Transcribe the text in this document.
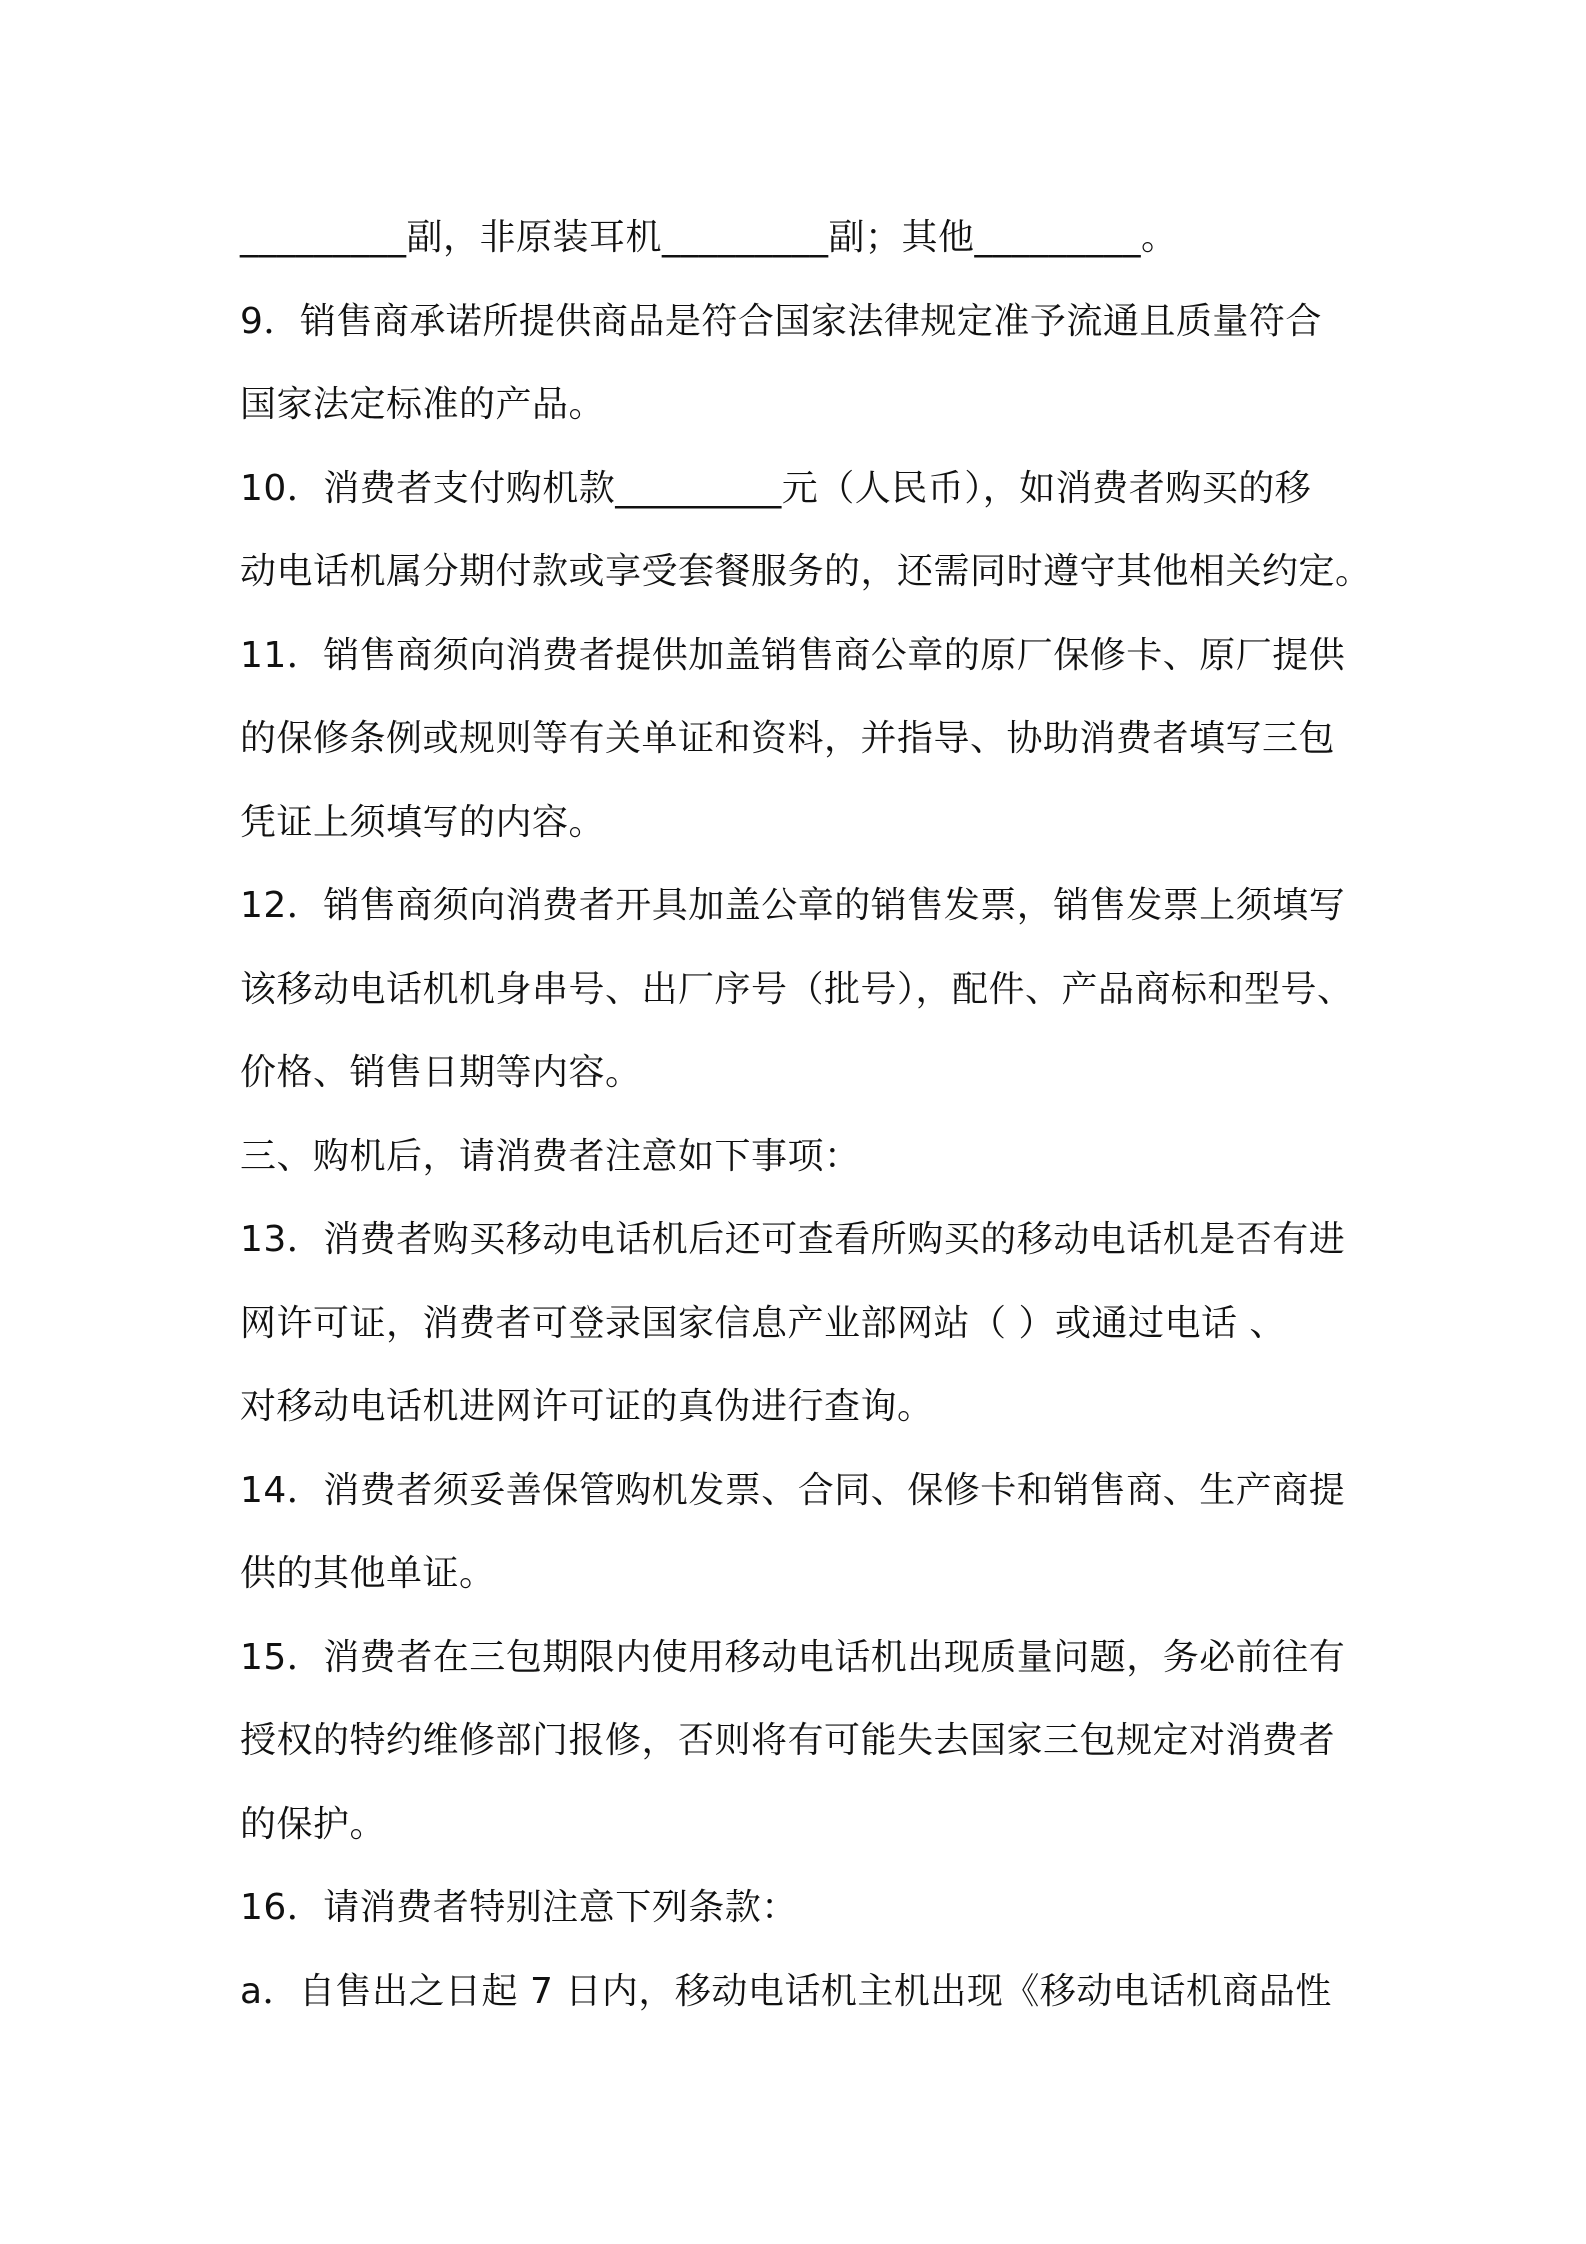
_________副，非原装耳机_________副；其他_________。
9．销售商承诺所提供商品是符合国家法律规定准予流通且质量符合
国家法定标准的产品。
10．消费者支付购机款_________元（人民币），如消费者购买的移
动电话机属分期付款或享受套餐服务的，还需同时遵守其他相关约定。
11．销售商须向消费者提供加盖销售商公章的原厂保修卡、原厂提供
的保修条例或规则等有关单证和资料，并指导、协助消费者填写三包
凭证上须填写的内容。
12．销售商须向消费者开具加盖公章的销售发票，销售发票上须填写
该移动电话机机身串号、出厂序号（批号），配件、产品商标和型号、
价格、销售日期等内容。
三、购机后，请消费者注意如下事项：
13．消费者购买移动电话机后还可查看所购买的移动电话机是否有进
网许可证，消费者可登录国家信息产业部网站（ ）或通过电话 、
对移动电话机进网许可证的真伪进行查询。
14．消费者须妥善保管购机发票、合同、保修卡和销售商、生产商提
供的其他单证。
15．消费者在三包期限内使用移动电话机出现质量问题，务必前往有
授权的特约维修部门报修，否则将有可能失去国家三包规定对消费者
的保护。
16．请消费者特别注意下列条款：
a．自售出之日起 7 日内，移动电话机主机出现《移动电话机商品性
